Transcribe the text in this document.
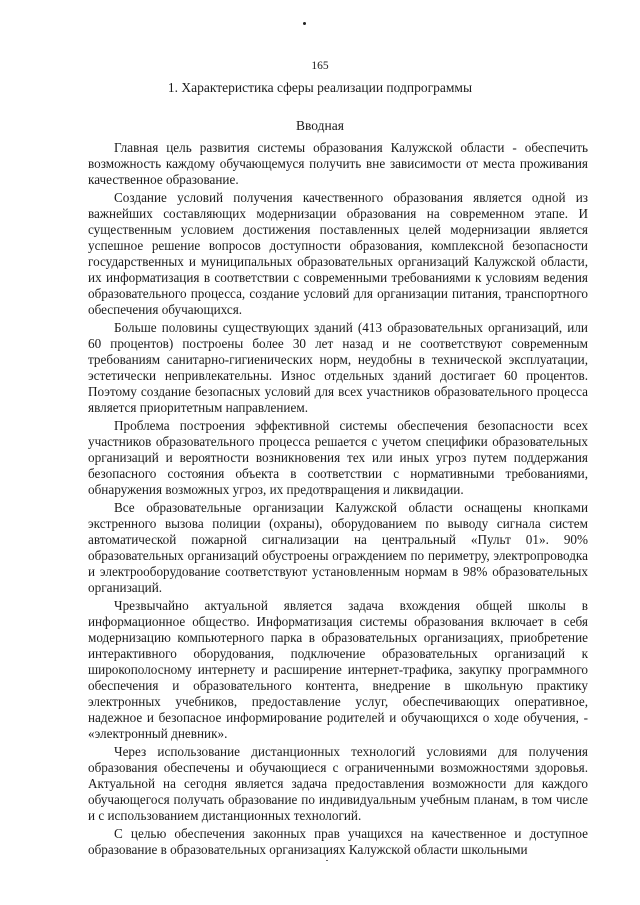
165
1. Характеристика сферы реализации подпрограммы
Вводная

Главная цель развития системы образования Калужской области - обеспечить возможность каждому обучающемуся получить вне зависимости от места проживания качественное образование.

Создание условий получения качественного образования является одной из важнейших составляющих модернизации образования на современном этапе. И существенным условием достижения поставленных целей модернизации является успешное решение вопросов доступности образования, комплексной безопасности государственных и муниципальных образовательных организаций Калужской области, их информатизация в соответствии с современными требованиями к условиям ведения образовательного процесса, создание условий для организации питания, транспортного обеспечения обучающихся.

Больше половины существующих зданий (413 образовательных организаций, или 60 процентов) построены более 30 лет назад и не соответствуют современным требованиям санитарно-гигиенических норм, неудобны в технической эксплуатации, эстетически непривлекательны. Износ отдельных зданий достигает 60 процентов. Поэтому создание безопасных условий для всех участников образовательного процесса является приоритетным направлением.

Проблема построения эффективной системы обеспечения безопасности всех участников образовательного процесса решается с учетом специфики образовательных организаций и вероятности возникновения тех или иных угроз путем поддержания безопасного состояния объекта в соответствии с нормативными требованиями, обнаружения возможных угроз, их предотвращения и ликвидации.

Все образовательные организации Калужской области оснащены кнопками экстренного вызова полиции (охраны), оборудованием по выводу сигнала систем автоматической пожарной сигнализации на центральный «Пульт 01». 90% образовательных организаций обустроены ограждением по периметру, электропроводка и электрооборудование соответствуют установленным нормам в 98% образовательных организаций.

Чрезвычайно актуальной является задача вхождения общей школы в информационное общество. Информатизация системы образования включает в себя модернизацию компьютерного парка в образовательных организациях, приобретение интерактивного оборудования, подключение образовательных организаций к широкополосному интернету и расширение интернет-трафика, закупку программного обеспечения и образовательного контента, внедрение в школьную практику электронных учебников, предоставление услуг, обеспечивающих оперативное, надежное и безопасное информирование родителей и обучающихся о ходе обучения, - «электронный дневник».

Через использование дистанционных технологий условиями для получения образования обеспечены и обучающиеся с ограниченными возможностями здоровья. Актуальной на сегодня является задача предоставления возможности для каждого обучающегося получать образование по индивидуальным учебным планам, в том числе и с использованием дистанционных технологий.

С целью обеспечения законных прав учащихся на качественное и доступное образование в образовательных организациях Калужской области школьными
